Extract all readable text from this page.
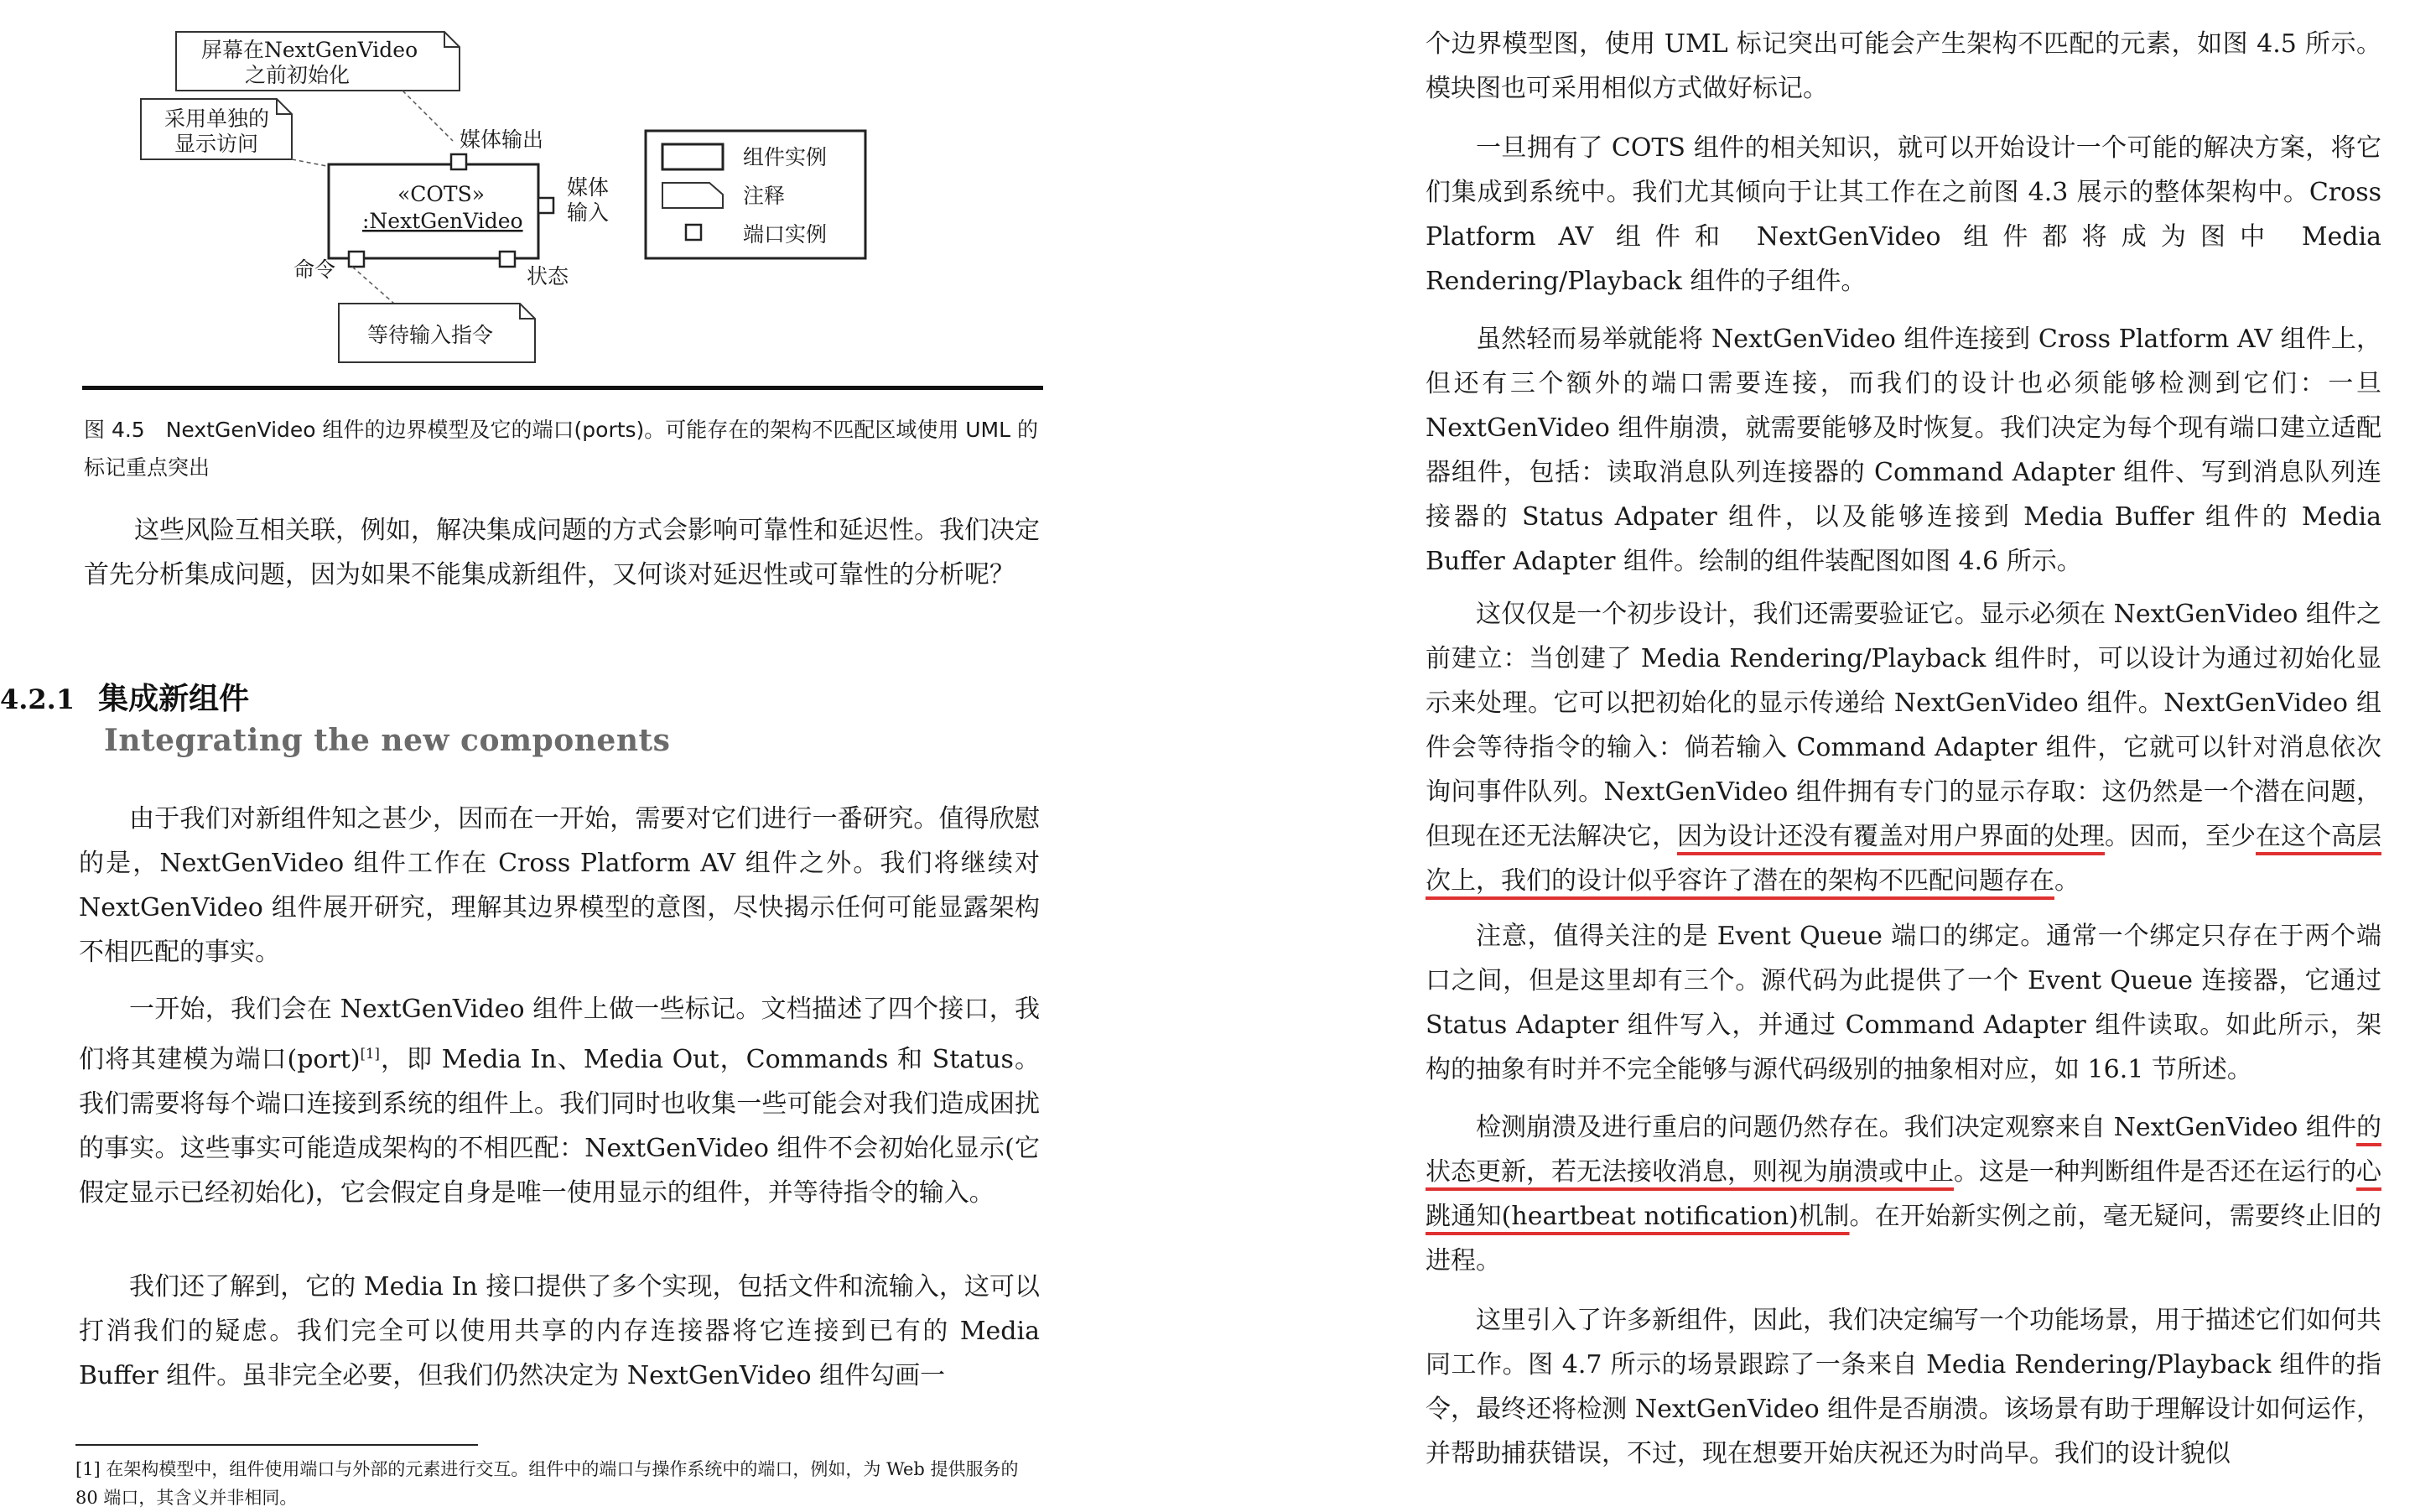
屏幕在NextGenVideo
之前初始化
采用单独的
显示访问
«COTS»
:NextGenVideo
媒体输出
媒体
输入
命令	状态
等待输入指令
组件实例
注释
端口实例
图 4.5　NextGenVideo 组件的边界模型及它的端口(ports)。可能存在的架构不匹配区域使用 UML 的标记重点突出
这些风险互相关联，例如，解决集成问题的方式会影响可靠性和延迟性。我们决定首先分析集成问题，因为如果不能集成新组件，又何谈对延迟性或可靠性的分析呢？
4.2.1 集成新组件
Integrating the new components
由于我们对新组件知之甚少，因而在一开始，需要对它们进行一番研究。值得欣慰的是，NextGenVideo 组件工作在 Cross Platform AV 组件之外。我们将继续对 NextGenVideo 组件展开研究，理解其边界模型的意图，尽快揭示任何可能显露架构不相匹配的事实。
一开始，我们会在 NextGenVideo 组件上做一些标记。文档描述了四个接口，我们将其建模为端口(port)[1]，即 Media In、Media Out，Commands 和 Status。我们需要将每个端口连接到系统的组件上。我们同时也收集一些可能会对我们造成困扰的事实。这些事实可能造成架构的不相匹配：NextGenVideo 组件不会初始化显示(它假定显示已经初始化)，它会假定自身是唯一使用显示的组件，并等待指令的输入。
我们还了解到，它的 Media In 接口提供了多个实现，包括文件和流输入，这可以打消我们的疑虑。我们完全可以使用共享的内存连接器将它连接到已有的 Media Buffer 组件。虽非完全必要，但我们仍然决定为 NextGenVideo 组件勾画一
[1] 在架构模型中，组件使用端口与外部的元素进行交互。组件中的端口与操作系统中的端口，例如，为 Web 提供服务的 80 端口，其含义并非相同。
个边界模型图，使用 UML 标记突出可能会产生架构不匹配的元素，如图 4.5 所示。模块图也可采用相似方式做好标记。
一旦拥有了 COTS 组件的相关知识，就可以开始设计一个可能的解决方案，将它们集成到系统中。我们尤其倾向于让其工作在之前图 4.3 展示的整体架构中。Cross Platform AV 组件和 NextGenVideo 组件都将成为图中 Media Rendering/Playback 组件的子组件。
虽然轻而易举就能将 NextGenVideo 组件连接到 Cross Platform AV 组件上，但还有三个额外的端口需要连接，而我们的设计也必须能够检测到它们：一旦 NextGenVideo 组件崩溃，就需要能够及时恢复。我们决定为每个现有端口建立适配器组件，包括：读取消息队列连接器的 Command Adapter 组件、写到消息队列连接器的 Status Adpater 组件，以及能够连接到 Media Buffer 组件的 Media Buffer Adapter 组件。绘制的组件装配图如图 4.6 所示。
这仅仅是一个初步设计，我们还需要验证它。显示必须在 NextGenVideo 组件之前建立：当创建了 Media Rendering/Playback 组件时，可以设计为通过初始化显示来处理。它可以把初始化的显示传递给 NextGenVideo 组件。NextGenVideo 组件会等待指令的输入：倘若输入 Command Adapter 组件，它就可以针对消息依次询问事件队列。NextGenVideo 组件拥有专门的显示存取：这仍然是一个潜在问题，但现在还无法解决它，因为设计还没有覆盖对用户界面的处理。因而，至少在这个高层次上，我们的设计似乎容许了潜在的架构不匹配问题存在。
注意，值得关注的是 Event Queue 端口的绑定。通常一个绑定只存在于两个端口之间，但是这里却有三个。源代码为此提供了一个 Event Queue 连接器，它通过 Status Adapter 组件写入，并通过 Command Adapter 组件读取。如此所示，架构的抽象有时并不完全能够与源代码级别的抽象相对应，如 16.1 节所述。
检测崩溃及进行重启的问题仍然存在。我们决定观察来自 NextGenVideo 组件的状态更新，若无法接收消息，则视为崩溃或中止。这是一种判断组件是否还在运行的心跳通知(heartbeat notification)机制。在开始新实例之前，毫无疑问，需要终止旧的进程。
这里引入了许多新组件，因此，我们决定编写一个功能场景，用于描述它们如何共同工作。图 4.7 所示的场景跟踪了一条来自 Media Rendering/Playback 组件的指令，最终还将检测 NextGenVideo 组件是否崩溃。该场景有助于理解设计如何运作，并帮助捕获错误，不过，现在想要开始庆祝还为时尚早。我们的设计貌似
